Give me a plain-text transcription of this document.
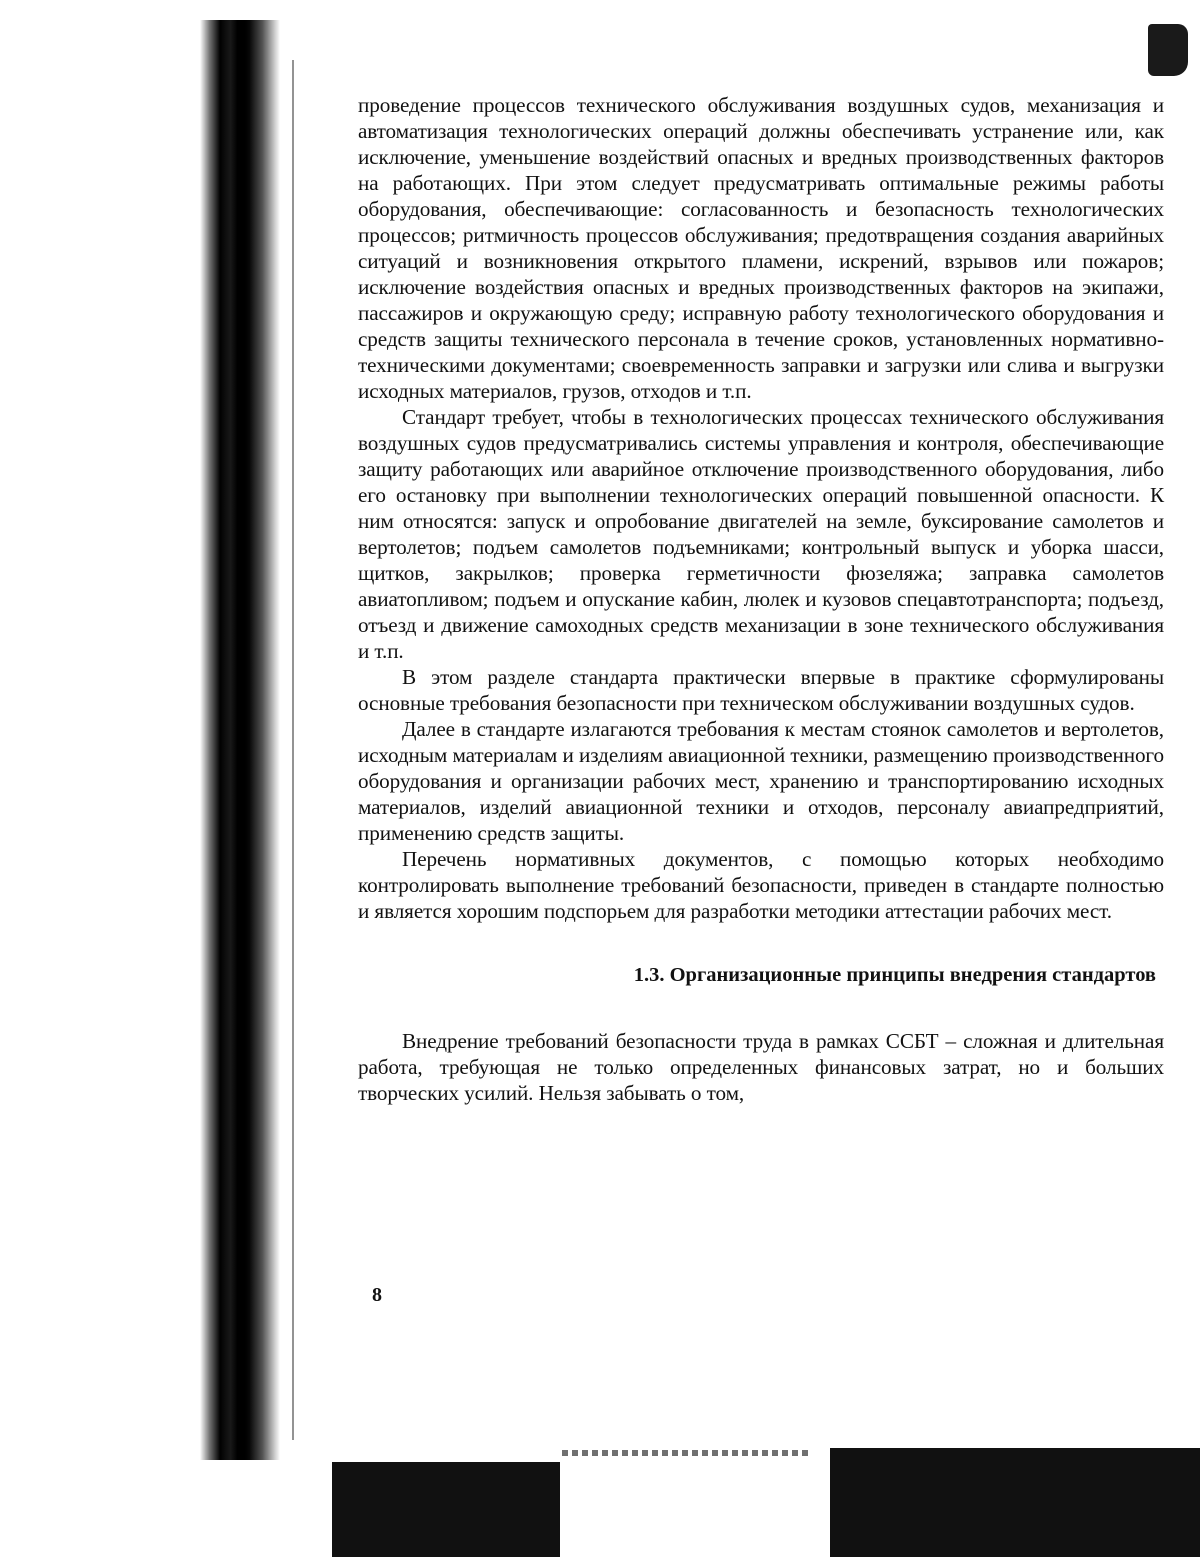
проведение процессов технического обслуживания воздушных судов, механизация и автоматизация технологических операций должны обеспечивать устранение или, как исключение, уменьшение воздействий опасных и вредных производственных факторов на работающих. При этом следует предусматривать оптимальные режимы работы оборудования, обеспечивающие: согласованность и безопасность технологических процессов; ритмичность процессов обслуживания; предотвращения создания аварийных ситуаций и возникновения открытого пламени, искрений, взрывов или пожаров; исключение воздействия опасных и вредных производственных факторов на экипажи, пассажиров и окружающую среду; исправную работу технологического оборудования и средств защиты технического персонала в течение сроков, установленных нормативно-техническими документами; своевременность заправки и загрузки или слива и выгрузки исходных материалов, грузов, отходов и т.п.

Стандарт требует, чтобы в технологических процессах технического обслуживания воздушных судов предусматривались системы управления и контроля, обеспечивающие защиту работающих или аварийное отключение производственного оборудования, либо его остановку при выполнении технологических операций повышенной опасности. К ним относятся: запуск и опробование двигателей на земле, буксирование самолетов и вертолетов; подъем самолетов подъемниками; контрольный выпуск и уборка шасси, щитков, закрылков; проверка герметичности фюзеляжа; заправка самолетов авиатопливом; подъем и опускание кабин, люлек и кузовов спецавтотранспорта; подъезд, отъезд и движение самоходных средств механизации в зоне технического обслуживания и т.п.

В этом разделе стандарта практически впервые в практике сформулированы основные требования безопасности при техническом обслуживании воздушных судов.

Далее в стандарте излагаются требования к местам стоянок самолетов и вертолетов, исходным материалам и изделиям авиационной техники, размещению производственного оборудования и организации рабочих мест, хранению и транспортированию исходных материалов, изделий авиационной техники и отходов, персоналу авиапредприятий, применению средств защиты.

Перечень нормативных документов, с помощью которых необходимо контролировать выполнение требований безопасности, приведен в стандарте полностью и является хорошим подспорьем для разработки методики аттестации рабочих мест.

1.3. Организационные принципы внедрения стандартов

Внедрение требований безопасности труда в рамках ССБТ – сложная и длительная работа, требующая не только определенных финансовых затрат, но и больших творческих усилий. Нельзя забывать о том,

8
